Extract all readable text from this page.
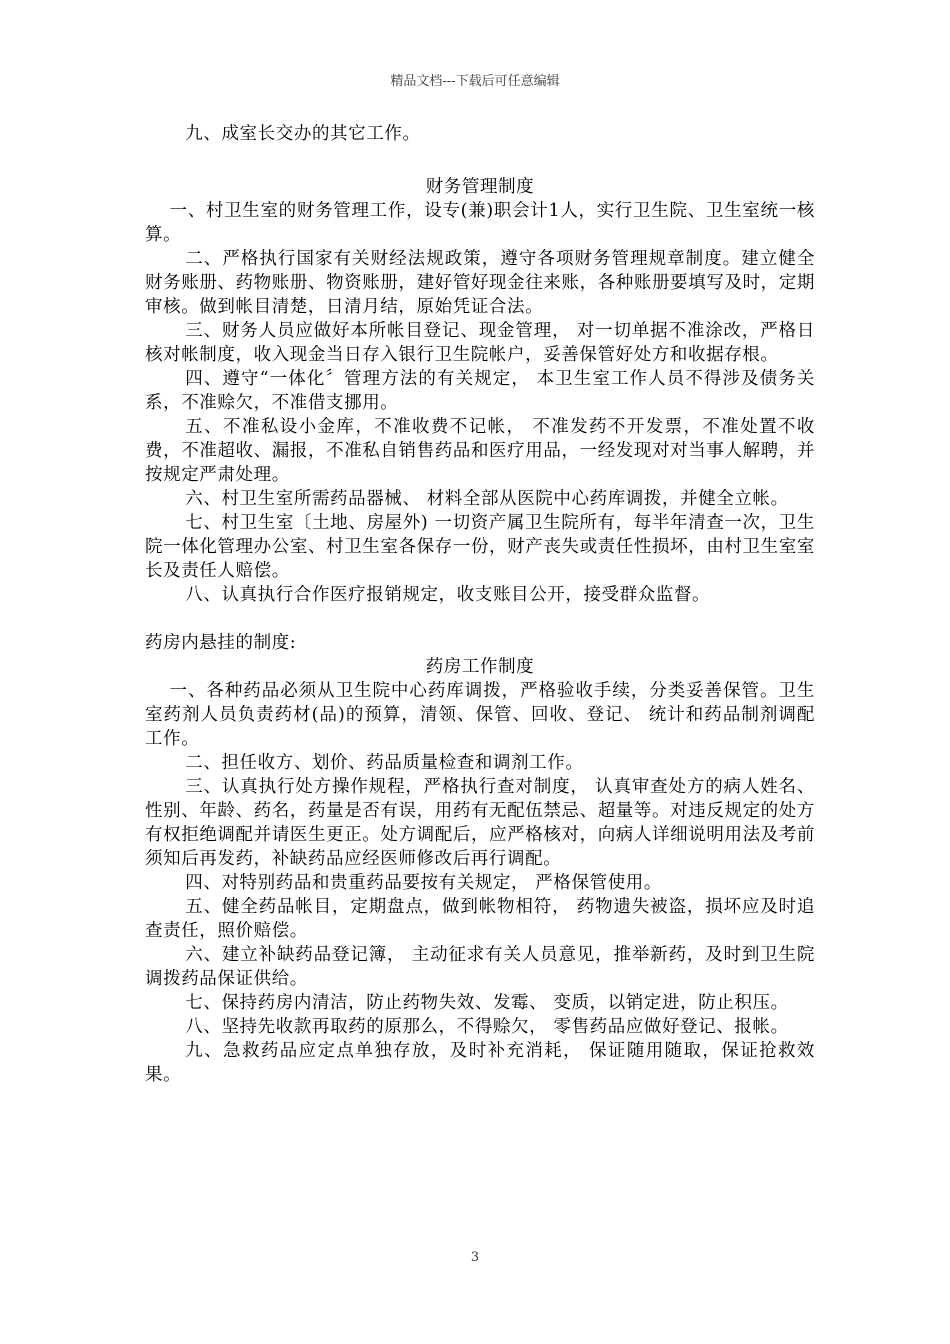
精品文档---下载后可任意编辑

九、成室长交办的其它工作。

财务管理制度

一、村卫生室的财务管理工作，设专(兼)职会计1人，实行卫生院、卫生室统一核算。

二、严格执行国家有关财经法规政策，遵守各项财务管理规章制度。建立健全财务账册、药物账册、物资账册，建好管好现金往来账，各种账册要填写及时，定期审核。做到帐目清楚，日清月结，原始凭证合法。

三、财务人员应做好本所帐目登记、现金管理， 对一切单据不准涂改，严格日核对帐制度，收入现金当日存入银行卫生院帐户，妥善保管好处方和收据存根。

四、遵守“一体化〞管理方法的有关规定， 本卫生室工作人员不得涉及债务关系，不准赊欠，不准借支挪用。

五、不准私设小金库，不准收费不记帐， 不准发药不开发票，不准处置不收费，不准超收、漏报，不准私自销售药品和医疗用品，一经发现对对当事人解聘，并按规定严肃处理。

六、村卫生室所需药品器械、 材料全部从医院中心药库调拨，并健全立帐。

七、村卫生室〔土地、房屋外) 一切资产属卫生院所有，每半年清查一次，卫生院一体化管理办公室、村卫生室各保存一份，财产丧失或责任性损坏，由村卫生室室长及责任人赔偿。

八、认真执行合作医疗报销规定，收支账目公开，接受群众监督。

药房内悬挂的制度:

药房工作制度

一、各种药品必须从卫生院中心药库调拨，严格验收手续，分类妥善保管。卫生室药剂人员负责药材(品)的预算，清领、保管、回收、登记、 统计和药品制剂调配工作。

二、担任收方、划价、药品质量检查和调剂工作。

三、认真执行处方操作规程，严格执行查对制度， 认真审查处方的病人姓名、性别、年龄、药名，药量是否有误，用药有无配伍禁忌、超量等。对违反规定的处方有权拒绝调配并请医生更正。处方调配后，应严格核对，向病人详细说明用法及考前须知后再发药，补缺药品应经医师修改后再行调配。

四、对特别药品和贵重药品要按有关规定， 严格保管使用。

五、健全药品帐目，定期盘点，做到帐物相符， 药物遗失被盗，损坏应及时追查责任，照价赔偿。

六、建立补缺药品登记簿， 主动征求有关人员意见，推举新药，及时到卫生院调拨药品保证供给。

七、保持药房内清洁，防止药物失效、发霉、 变质，以销定进，防止积压。

八、坚持先收款再取药的原那么，不得赊欠， 零售药品应做好登记、报帐。

九、急救药品应定点单独存放，及时补充消耗， 保证随用随取，保证抢救效果。

3
